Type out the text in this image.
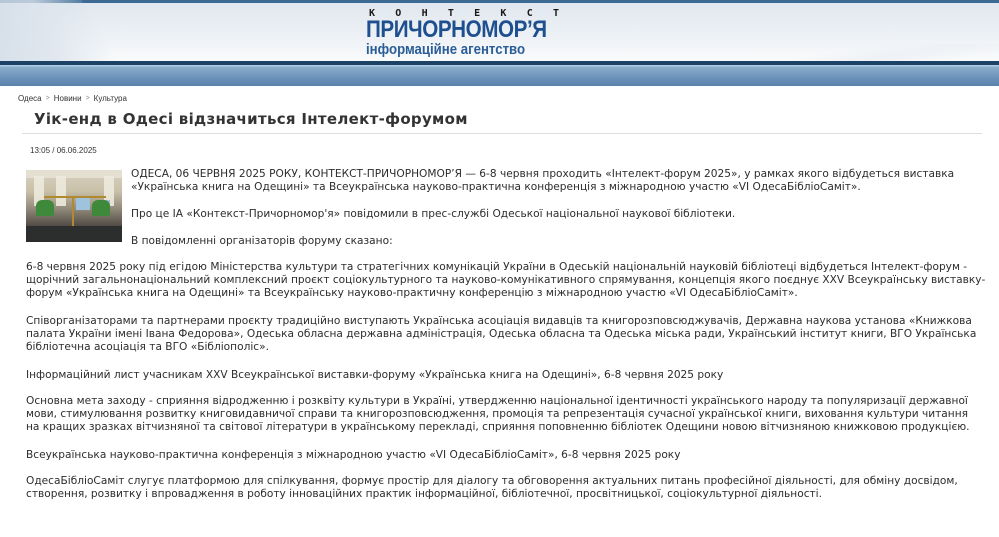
К О Н Т Е К С Т
ПРИЧОРНОМОР’Я
інформаційне агентство
Одеса > Новини > Культура
Уік-енд в Одесі відзначиться Інтелект-форумом
13:05 / 06.06.2025
ОДЕСА, 06 ЧЕРВНЯ 2025 РОКУ, КОНТЕКСТ-ПРИЧОРНОМОР’Я — 6-8 червня проходить «Інтелект-форум 2025», у рамках якого відбудеться виставка
«Українська книга на Одещині» та Всеукраїнська науково-практична конференція з міжнародною участю «VI ОдесаБібліоСаміт».
Про це ІА «Контекст-Причорномор'я» повідомили в прес-службі Одеської національної наукової бібліотеки.
В повідомленні організаторів форуму сказано:
6-8 червня 2025 року під егідою Міністерства культури та стратегічних комунікацій України в Одеській національній науковій бібліотеці відбудеться Інтелект-форум -
щорічний загальнонаціональний комплексний проєкт соціокультурного та науково-комунікативного спрямування, концепція якого поєднує XXV Всеукраїнську виставку-
форум «Українська книга на Одещині» та Всеукраїнську науково-практичну конференцію з міжнародною участю «VI ОдесаБібліоСаміт».
Співорганізаторами та партнерами проєкту традиційно виступають Українська асоціація видавців та книгорозповсюджувачів, Державна наукова установа «Книжкова
палата України імені Івана Федорова», Одеська обласна державна адміністрація, Одеська обласна та Одеська міська ради, Український інститут книги, ВГО Українська
бібліотечна асоціація та ВГО «Бібліополіс».
Інформаційний лист учасникам XXV Всеукраїнської виставки-форуму «Українська книга на Одещині», 6-8 червня 2025 року
Основна мета заходу - сприяння відродженню і розквіту культури в Україні, утвердженню національної ідентичності українського народу та популяризації державної
мови, стимулювання розвитку книговидавничої справи та книгорозповсюдження, промоція та репрезентація сучасної української книги, виховання культури читання
на кращих зразках вітчизняної та світової літератури в українському перекладі, сприяння поповненню бібліотек Одещини новою вітчизняною книжковою продукцією.
Всеукраїнська науково-практична конференція з міжнародною участю «VI ОдесаБібліоСаміт», 6-8 червня 2025 року
ОдесаБібліоСаміт слугує платформою для спілкування, формує простір для діалогу та обговорення актуальних питань професійної діяльності, для обміну досвідом,
створення, розвитку і впровадження в роботу інноваційних практик інформаційної, бібліотечної, просвітницької, соціокультурної діяльності.
